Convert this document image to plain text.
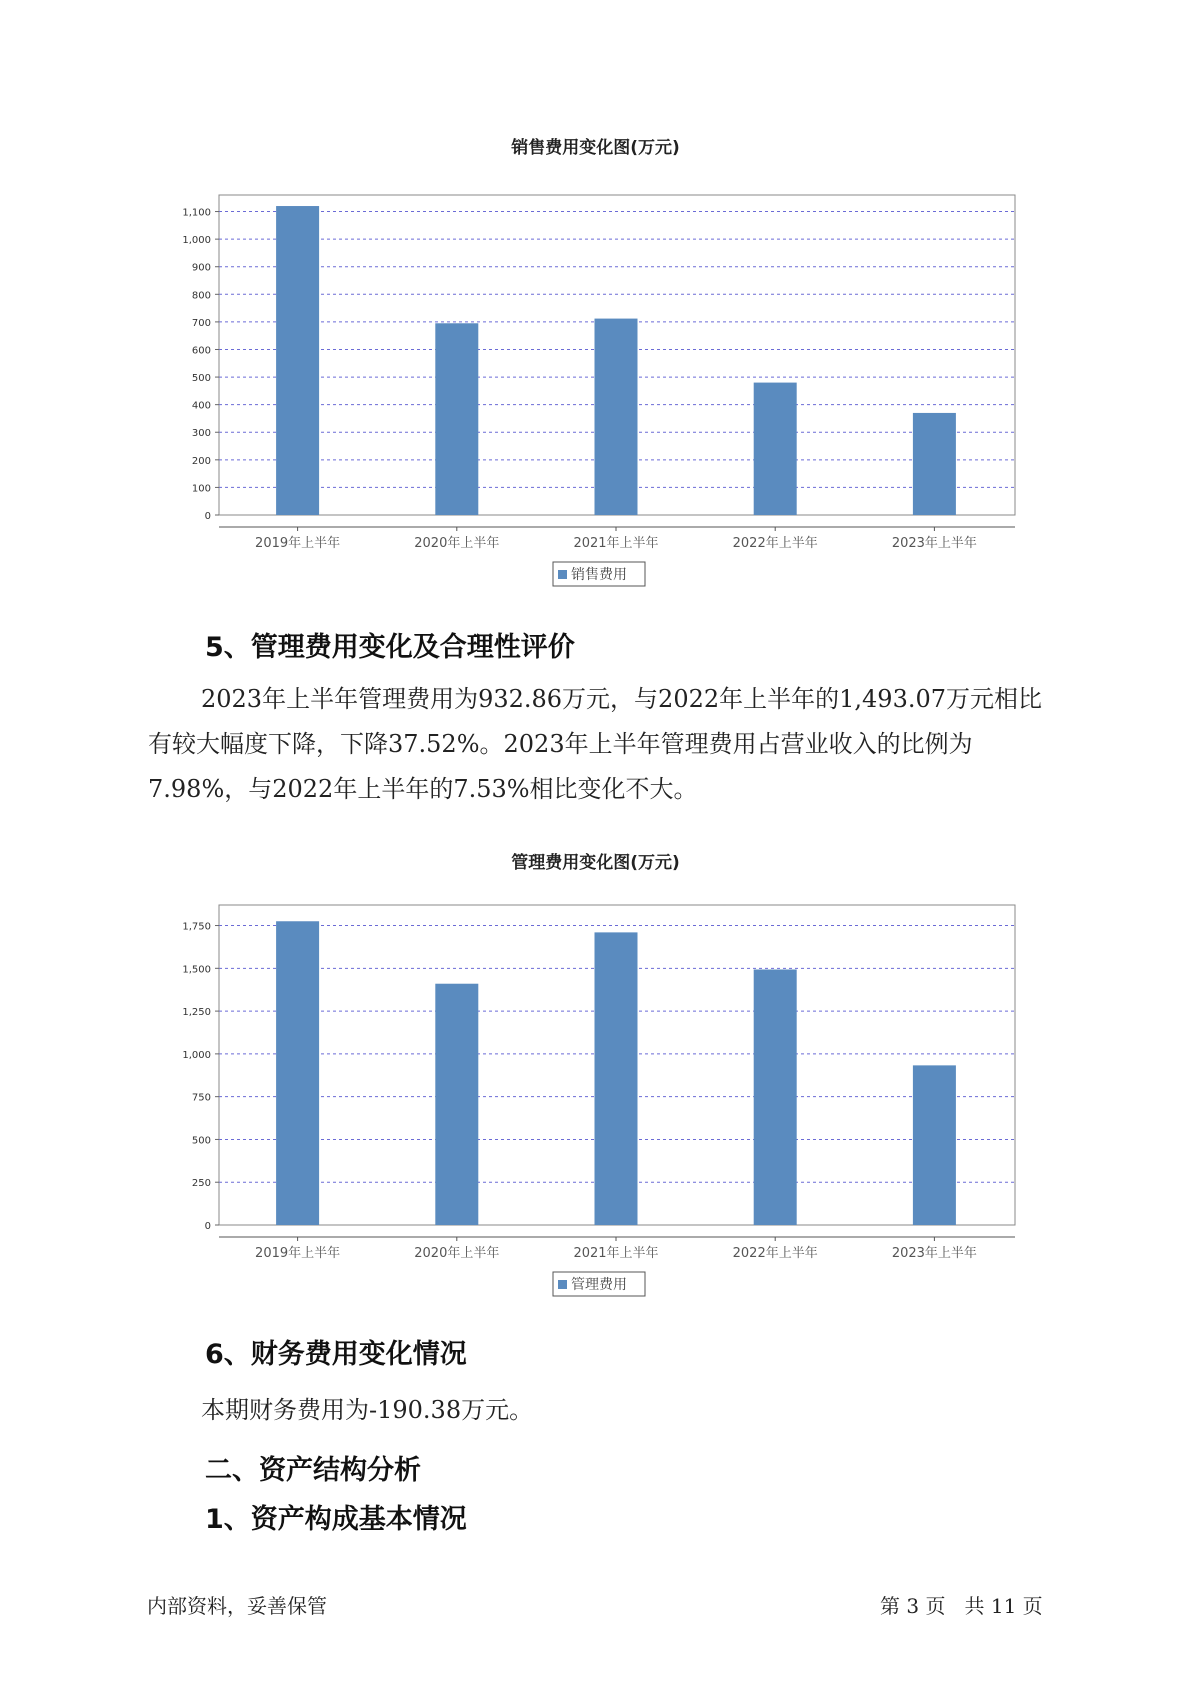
销售费用变化图(万元)
0
100
200
300
400
500
600
700
800
900
1,000
1,100
2019年上半年	2020年上半年	2021年上半年	2022年上半年	2023年上半年
销售费用
5、管理费用变化及合理性评价

2023年上半年管理费用为932.86万元，与2022年上半年的1,493.07万元相比有较大幅度下降，下降37.52%。2023年上半年管理费用占营业收入的比例为7.98%，与2022年上半年的7.53%相比变化不大。

管理费用变化图(万元)
0
250
500
750
1,000
1,250
1,500
1,750
2019年上半年	2020年上半年	2021年上半年	2022年上半年	2023年上半年
管理费用
6、财务费用变化情况
本期财务费用为-190.38万元。
二、资产结构分析
1、资产构成基本情况
内部资料，妥善保管	第 3 页   共 11 页
